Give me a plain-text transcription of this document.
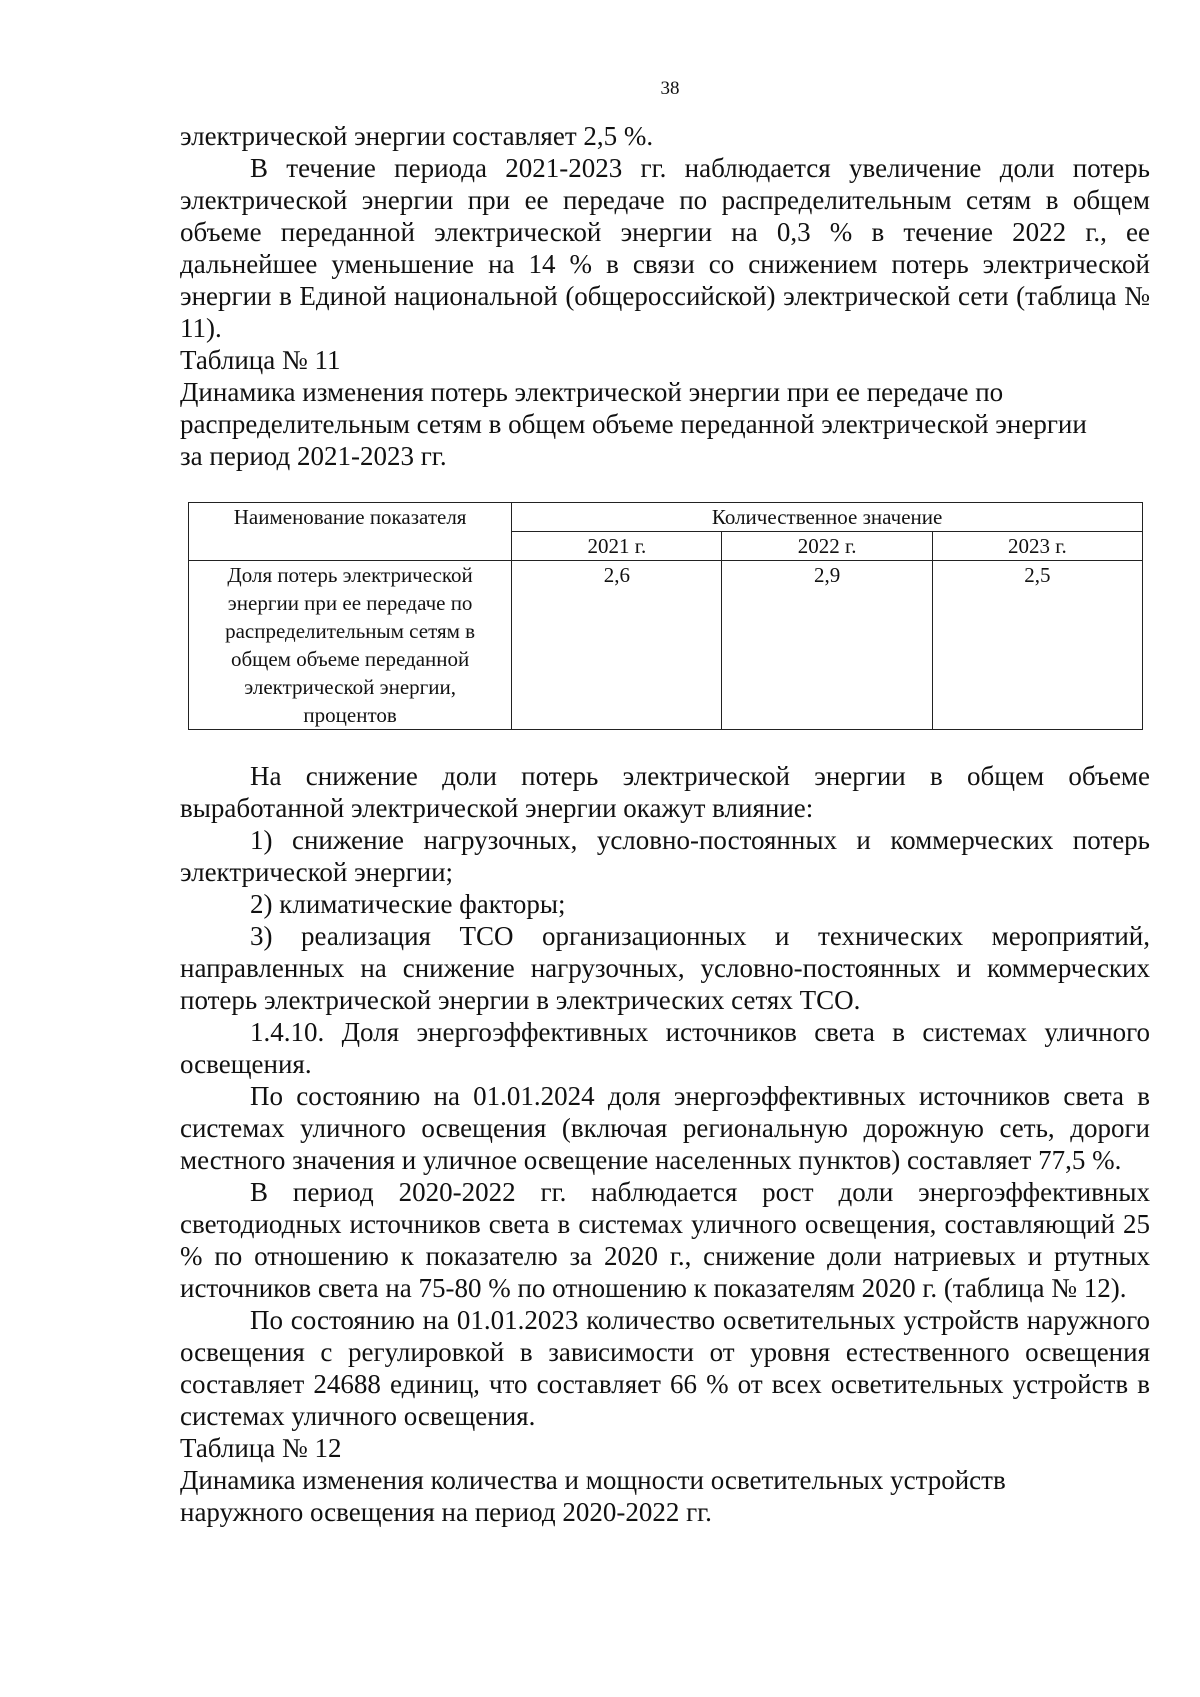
38

электрической энергии составляет 2,5 %.

В течение периода 2021-2023 гг. наблюдается увеличение доли потерь электрической энергии при ее передаче по распределительным сетям в общем объеме переданной электрической энергии на 0,3 % в течение 2022 г., ее дальнейшее уменьшение на 14 % в связи со снижением потерь электрической энергии в Единой национальной (общероссийской) электрической сети (таблица № 11).

Таблица № 11

Динамика изменения потерь электрической энергии при ее передаче по

распределительным сетям в общем объеме переданной электрической энергии

за период 2021-2023 гг.

Наименование показателя	Количественное значение		
	2021 г.	2022 г.	2023 г.
Доля потерь электрической энергии при ее передаче по распределительным сетям в общем объеме переданной электрической энергии, процентов	2,6	2,9	2,5

На снижение доли потерь электрической энергии в общем объеме выработанной электрической энергии окажут влияние:

1) снижение нагрузочных, условно-постоянных и коммерческих потерь электрической энергии;

2) климатические факторы;

3) реализация ТСО организационных и технических мероприятий, направленных на снижение нагрузочных, условно-постоянных и коммерческих потерь электрической энергии в электрических сетях ТСО.

1.4.10. Доля энергоэффективных источников света в системах уличного освещения.

По состоянию на 01.01.2024 доля энергоэффективных источников света в системах уличного освещения (включая региональную дорожную сеть, дороги местного значения и уличное освещение населенных пунктов) составляет 77,5 %.

В период 2020-2022 гг. наблюдается рост доли энергоэффективных светодиодных источников света в системах уличного освещения, составляющий 25 % по отношению к показателю за 2020 г., снижение доли натриевых и ртутных источников света на 75-80 % по отношению к показателям 2020 г. (таблица № 12).

По состоянию на 01.01.2023 количество осветительных устройств наружного освещения с регулировкой в зависимости от уровня естественного освещения составляет 24688 единиц, что составляет 66 % от всех осветительных устройств в системах уличного освещения.

Таблица № 12

Динамика изменения количества и мощности осветительных устройств

наружного освещения на период 2020-2022 гг.
